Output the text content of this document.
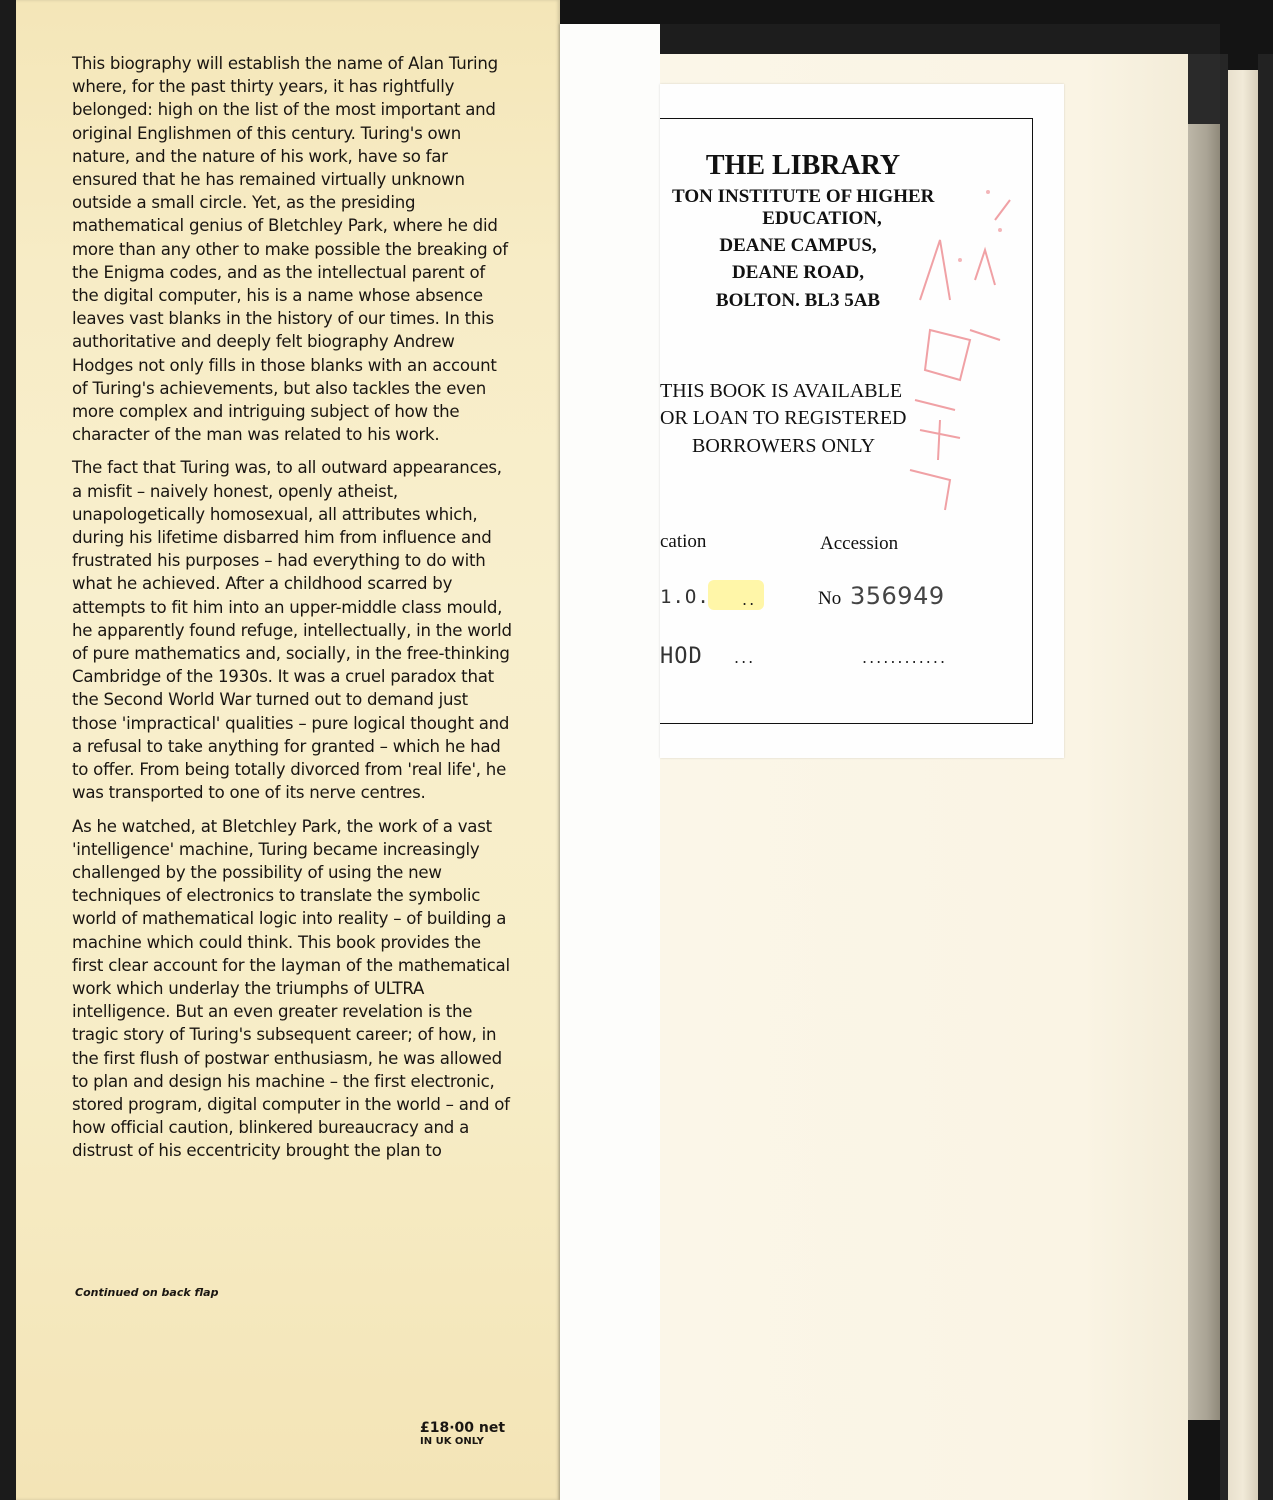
This biography will establish the name of Alan Turing where, for the past thirty years, it has rightfully belonged: high on the list of the most important and original Englishmen of this century. Turing's own nature, and the nature of his work, have so far ensured that he has remained virtually unknown outside a small circle. Yet, as the presiding mathematical genius of Bletchley Park, where he did more than any other to make possible the breaking of the Enigma codes, and as the intellectual parent of the digital computer, his is a name whose absence leaves vast blanks in the history of our times. In this authoritative and deeply felt biography Andrew Hodges not only fills in those blanks with an account of Turing's achievements, but also tackles the even more complex and intriguing subject of how the character of the man was related to his work.

The fact that Turing was, to all outward appearances, a misfit – naively honest, openly atheist, unapologetically homosexual, all attributes which, during his lifetime disbarred him from influence and frustrated his purposes – had everything to do with what he achieved. After a childhood scarred by attempts to fit him into an upper-middle class mould, he apparently found refuge, intellectually, in the world of pure mathematics and, socially, in the free-thinking Cambridge of the 1930s. It was a cruel paradox that the Second World War turned out to demand just those 'impractical' qualities – pure logical thought and a refusal to take anything for granted – which he had to offer. From being totally divorced from 'real life', he was transported to one of its nerve centres.

As he watched, at Bletchley Park, the work of a vast 'intelligence' machine, Turing became increasingly challenged by the possibility of using the new techniques of electronics to translate the symbolic world of mathematical logic into reality – of building a machine which could think. This book provides the first clear account for the layman of the mathematical work which underlay the triumphs of ULTRA intelligence. But an even greater revelation is the tragic story of Turing's subsequent career; of how, in the first flush of postwar enthusiasm, he was allowed to plan and design his machine – the first electronic, stored program, digital computer in the world – and of how official caution, blinkered bureaucracy and a distrust of his eccentricity brought the plan to

Continued on back flap
£18·00 net
IN UK ONLY
THE LIBRARY
TON INSTITUTE OF HIGHER
EDUCATION,
DEANE CAMPUS,
DEANE ROAD,
BOLTON. BL3 5AB
THIS BOOK IS AVAILABLE
OR LOAN TO REGISTERED
BORROWERS ONLY
cation	Accession
1.O. ..	No 356949
HOD ...	............
